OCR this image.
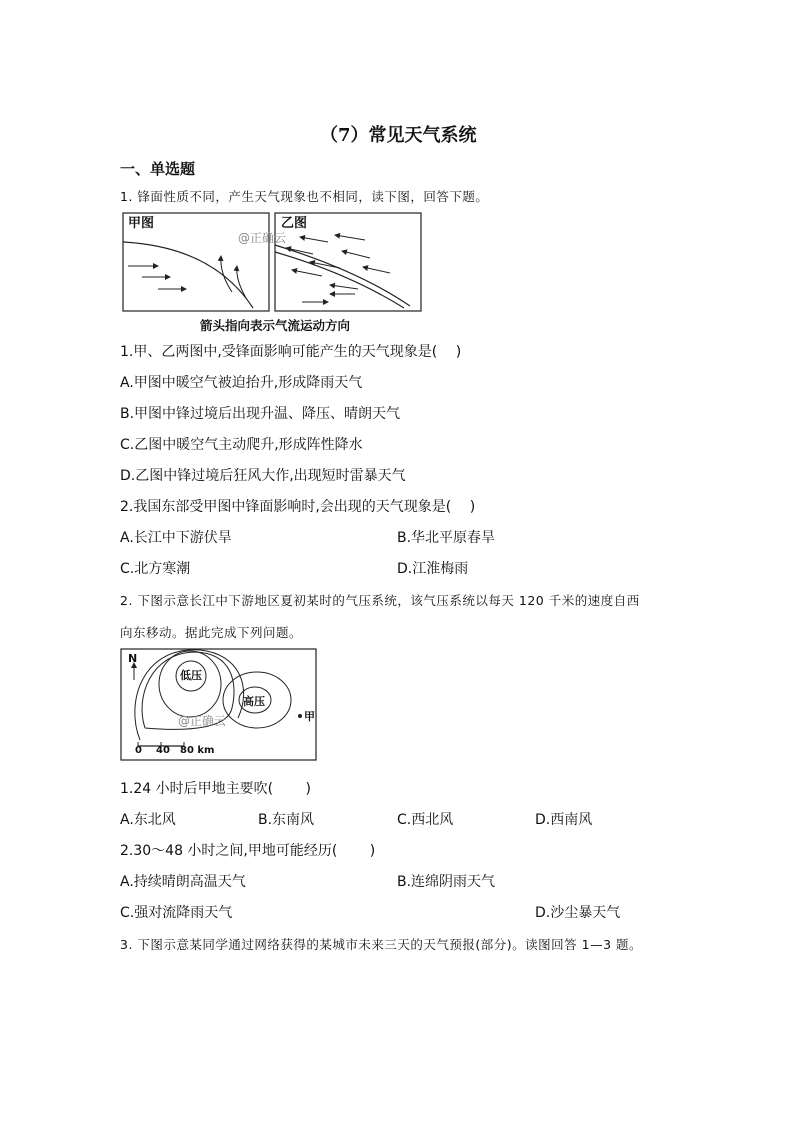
（7）常见天气系统
一、单选题
1. 锋面性质不同，产生天气现象也不相同，读下图，回答下题。
甲图	乙图
@正确云
箭头指向表示气流运动方向
1.甲、乙两图中,受锋面影响可能产生的天气现象是(　 )
A.甲图中暖空气被迫抬升,形成降雨天气
B.甲图中锋过境后出现升温、降压、晴朗天气
C.乙图中暖空气主动爬升,形成阵性降水
D.乙图中锋过境后狂风大作,出现短时雷暴天气
2.我国东部受甲图中锋面影响时,会出现的天气现象是(　 )
A.长江中下游伏旱	B.华北平原春旱
C.北方寒潮	D.江淮梅雨
2. 下图示意长江中下游地区夏初某时的气压系统，该气压系统以每天 120 千米的速度自西
向东移动。据此完成下列问题。
N
低压
高压
甲
@正确云
0 40 80 km
1.24 小时后甲地主要吹(　　 )
A.东北风	B.东南风	C.西北风	D.西南风
2.30～48 小时之间,甲地可能经历(　　 )
A.持续晴朗高温天气	B.连绵阴雨天气
C.强对流降雨天气	D.沙尘暴天气
3. 下图示意某同学通过网络获得的某城市未来三天的天气预报(部分)。读图回答 1—3 题。
